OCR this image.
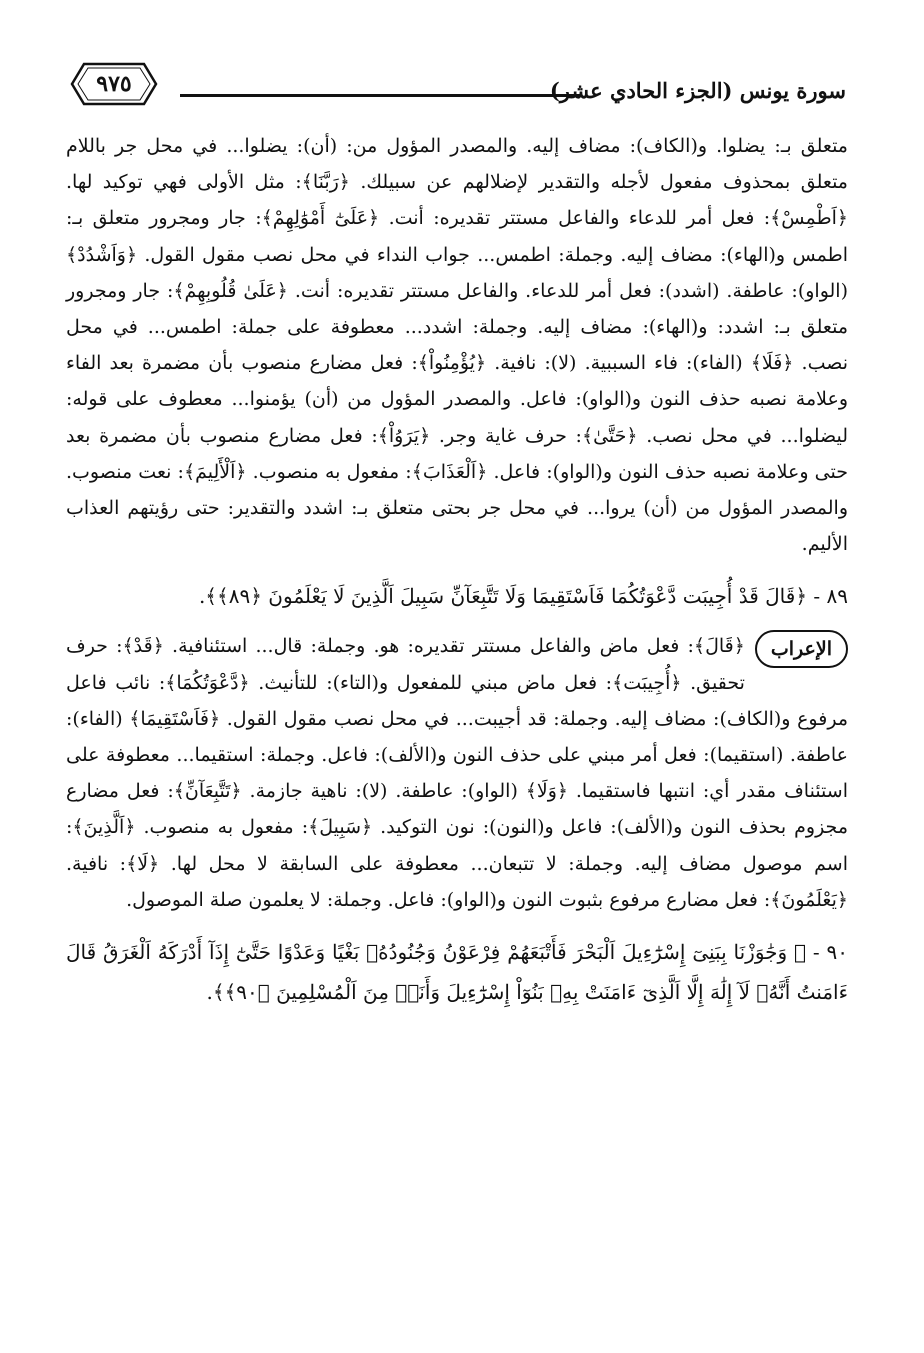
سورة يونس (الجزء الحادي عشر)
٩٧٥

متعلق بـ: يضلوا. و(الكاف): مضاف إليه. والمصدر المؤول من: (أن): يضلوا... في محل جر باللام متعلق بمحذوف مفعول لأجله والتقدير لإضلالهم عن سبيلك. ﴿رَبَّنَا﴾: مثل الأولى فهي توكيد لها. ﴿اَطْمِسْ﴾: فعل أمر للدعاء والفاعل مستتر تقديره: أنت. ﴿عَلَىٰٓ أَمْوَٰلِهِمْ﴾: جار ومجرور متعلق بـ: اطمس و(الهاء): مضاف إليه. وجملة: اطمس... جواب النداء في محل نصب مقول القول. ﴿وَاَشْدُدْ﴾ (الواو): عاطفة. (اشدد): فعل أمر للدعاء. والفاعل مستتر تقديره: أنت. ﴿عَلَىٰ قُلُوبِهِمْ﴾: جار ومجرور متعلق بـ: اشدد: و(الهاء): مضاف إليه. وجملة: اشدد... معطوفة على جملة: اطمس... في محل نصب. ﴿فَلَا﴾ (الفاء): فاء السببية. (لا): نافية. ﴿يُؤْمِنُواْ﴾: فعل مضارع منصوب بأن مضمرة بعد الفاء وعلامة نصبه حذف النون و(الواو): فاعل. والمصدر المؤول من (أن) يؤمنوا... معطوف على قوله: ليضلوا... في محل نصب. ﴿حَتَّىٰ﴾: حرف غاية وجر. ﴿يَرَوُاْ﴾: فعل مضارع منصوب بأن مضمرة بعد حتى وعلامة نصبه حذف النون و(الواو): فاعل. ﴿اَلْعَذَابَ﴾: مفعول به منصوب. ﴿اَلْأَلِيمَ﴾: نعت منصوب. والمصدر المؤول من (أن) يروا... في محل جر بحتى متعلق بـ: اشدد والتقدير: حتى رؤيتهم العذاب الأليم.

٨٩ - ﴿قَالَ قَدْ أُجِيبَت دَّعْوَتُكُمَا فَاَسْتَقِيمَا وَلَا تَتَّبِعَآنِّ سَبِيلَ اَلَّذِينَ لَا يَعْلَمُونَ ﴿٨٩﴾﴾.

الإعراب

﴿قَالَ﴾: فعل ماض والفاعل مستتر تقديره: هو. وجملة: قال... استئنافية. ﴿قَدْ﴾: حرف تحقيق. ﴿أُجِيبَت﴾: فعل ماض مبني للمفعول و(التاء): للتأنيث. ﴿دَّعْوَتُكُمَا﴾: نائب فاعل مرفوع و(الكاف): مضاف إليه. وجملة: قد أجيبت... في محل نصب مقول القول. ﴿فَاَسْتَقِيمَا﴾ (الفاء): عاطفة. (استقيما): فعل أمر مبني على حذف النون و(الألف): فاعل. وجملة: استقيما... معطوفة على استئناف مقدر أي: انتبها فاستقيما. ﴿وَلَا﴾ (الواو): عاطفة. (لا): ناهية جازمة. ﴿تَتَّبِعَآنِّ﴾: فعل مضارع مجزوم بحذف النون و(الألف): فاعل و(النون): نون التوكيد. ﴿سَبِيلَ﴾: مفعول به منصوب. ﴿اَلَّذِينَ﴾: اسم موصول مضاف إليه. وجملة: لا تتبعان... معطوفة على السابقة لا محل لها. ﴿لَا﴾: نافية. ﴿يَعْلَمُونَ﴾: فعل مضارع مرفوع بثبوت النون و(الواو): فاعل. وجملة: لا يعلمون صلة الموصول.

٩٠ - ﴿ وَجَٰوَزْنَا بِبَنِىٓ إِسْرَٰٓءِيلَ اَلْبَحْرَ فَأَتْبَعَهُمْ فِرْعَوْنُ وَجُنُودُهُۥ بَغْيًا وَعَدْوًا حَتَّىٰٓ إِذَآ أَدْرَكَهُ اَلْغَرَقُ قَالَ ءَامَنتُ أَنَّهُۥ لَآ إِلَٰهَ إِلَّا اَلَّذِىٓ ءَامَنَتْ بِهِۦ بَنُوٓاْ إِسْرَٰٓءِيلَ وَأَنَا۠ مِنَ اَلْمُسْلِمِينَ ﴿٩٠﴾﴾.
